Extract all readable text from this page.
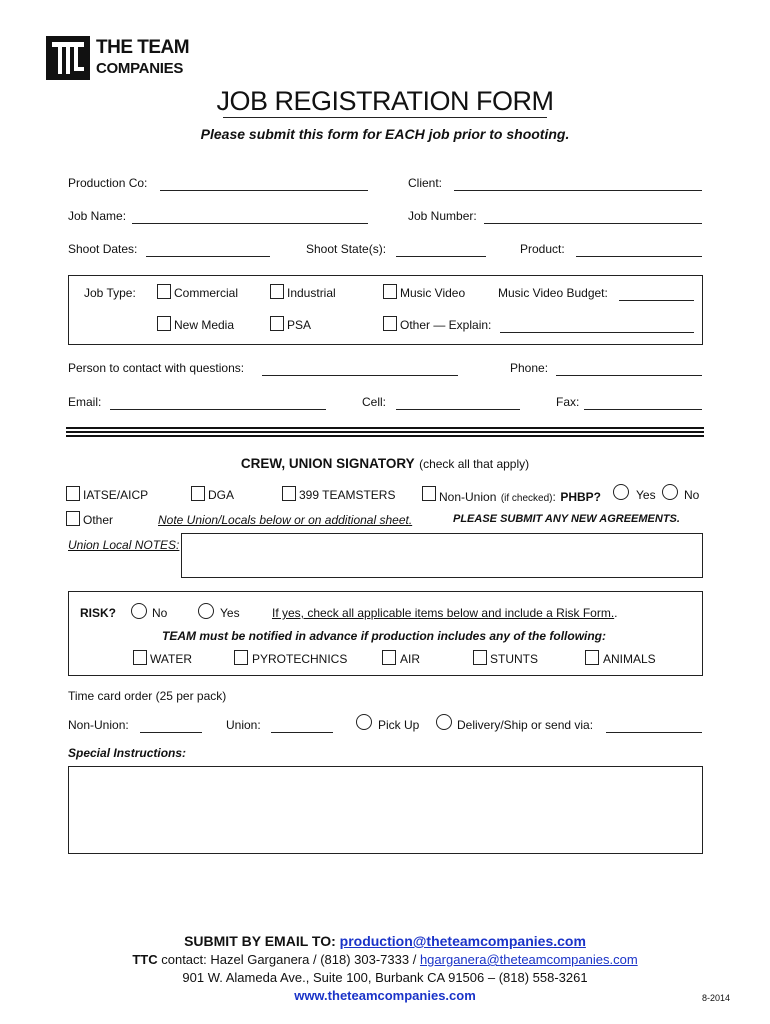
THE TEAM
COMPANIES
JOB REGISTRATION FORM
Please submit this form for EACH job prior to shooting.
Production Co:	Client:
Job Name:	Job Number:
Shoot Dates:	Shoot State(s):	Product:
Job Type:	Commercial	Industrial	Music Video	Music Video Budget:
New Media	PSA	Other — Explain:
Person to contact with questions:	Phone:
Email:	Cell:	Fax:
CREW, UNION SIGNATORY (check all that apply)
IATSE/AICP	DGA	399 TEAMSTERS	Non-Union (if checked): PHBP?	Yes No
Other	Note Union/Locals below or on additional sheet.	PLEASE SUBMIT ANY NEW AGREEMENTS.
Union Local NOTES:
RISK?	No	Yes	If yes, check all applicable items below and include a Risk Form..
TEAM must be notified in advance if production includes any of the following:
WATER	PYROTECHNICS	AIR	STUNTS	ANIMALS
Time card order (25 per pack)
Non-Union:	Union:	Pick Up	Delivery/Ship or send via:
Special Instructions:
SUBMIT BY EMAIL TO: production@theteamcompanies.com
TTC contact: Hazel Garganera / (818) 303-7333 / hgarganera@theteamcompanies.com
901 W. Alameda Ave., Suite 100, Burbank CA 91506 – (818) 558-3261
www.theteamcompanies.com	8-2014
